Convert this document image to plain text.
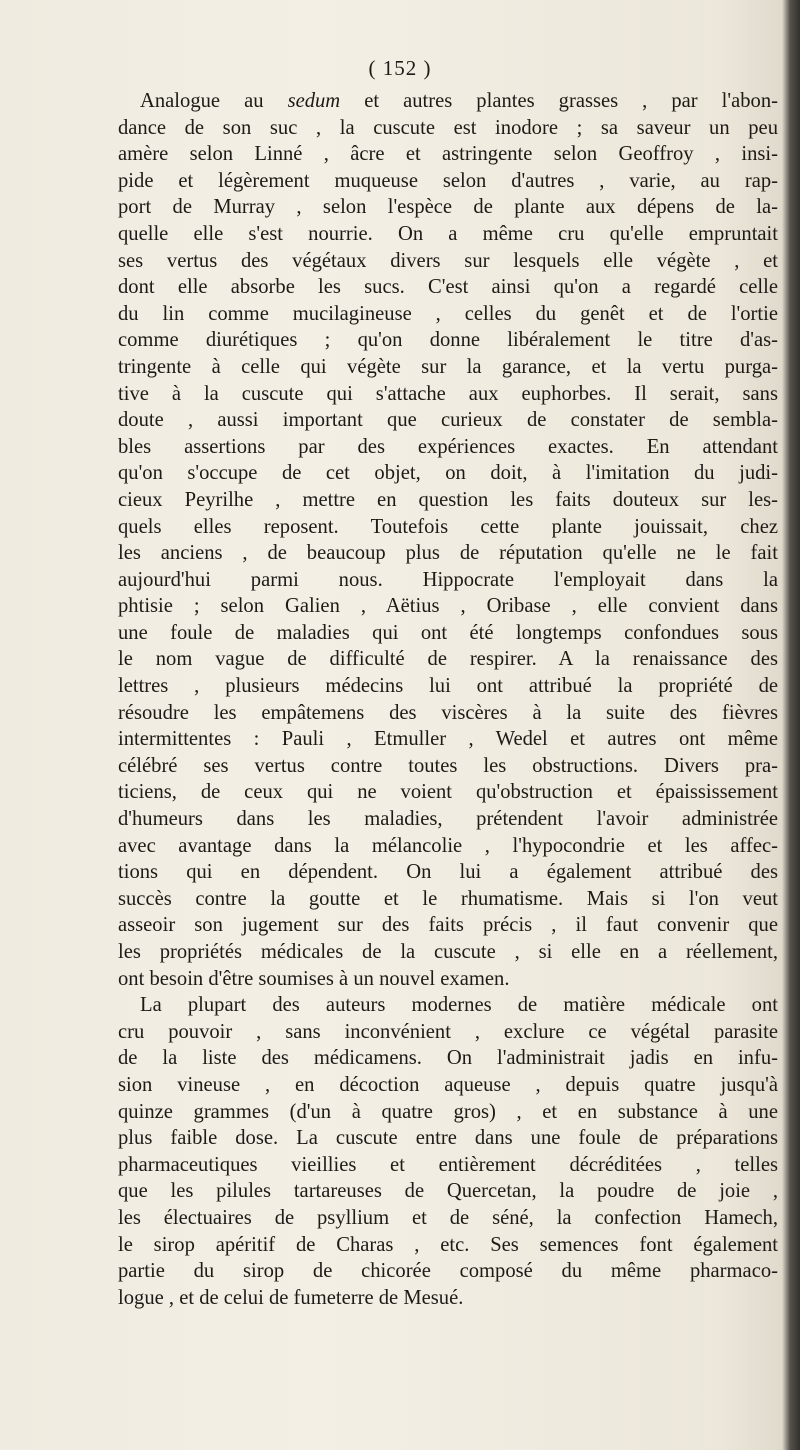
( 152 )
Analogue au sedum et autres plantes grasses , par l'abon-
dance de son suc , la cuscute est inodore ; sa saveur un peu
amère selon Linné , âcre et astringente selon Geoffroy , insi-
pide et légèrement muqueuse selon d'autres , varie, au rap-
port de Murray , selon l'espèce de plante aux dépens de la-
quelle elle s'est nourrie. On a même cru qu'elle empruntait
ses vertus des végétaux divers sur lesquels elle végète , et
dont elle absorbe les sucs. C'est ainsi qu'on a regardé celle
du lin comme mucilagineuse , celles du genêt et de l'ortie
comme diurétiques ; qu'on donne libéralement le titre d'as-
tringente à celle qui végète sur la garance, et la vertu purga-
tive à la cuscute qui s'attache aux euphorbes. Il serait, sans
doute , aussi important que curieux de constater de sembla-
bles assertions par des expériences exactes. En attendant
qu'on s'occupe de cet objet, on doit, à l'imitation du judi-
cieux Peyrilhe , mettre en question les faits douteux sur les-
quels elles reposent. Toutefois cette plante jouissait, chez
les anciens , de beaucoup plus de réputation qu'elle ne le fait
aujourd'hui parmi nous. Hippocrate l'employait dans la
phtisie ; selon Galien , Aëtius , Oribase , elle convient dans
une foule de maladies qui ont été longtemps confondues sous
le nom vague de difficulté de respirer. A la renaissance des
lettres , plusieurs médecins lui ont attribué la propriété de
résoudre les empâtemens des viscères à la suite des fièvres
intermittentes : Pauli , Etmuller , Wedel et autres ont même
célébré ses vertus contre toutes les obstructions. Divers pra-
ticiens, de ceux qui ne voient qu'obstruction et épaississement
d'humeurs dans les maladies, prétendent l'avoir administrée
avec avantage dans la mélancolie , l'hypocondrie et les affec-
tions qui en dépendent. On lui a également attribué des
succès contre la goutte et le rhumatisme. Mais si l'on veut
asseoir son jugement sur des faits précis , il faut convenir que
les propriétés médicales de la cuscute , si elle en a réellement,
ont besoin d'être soumises à un nouvel examen.
La plupart des auteurs modernes de matière médicale ont
cru pouvoir , sans inconvénient , exclure ce végétal parasite
de la liste des médicamens. On l'administrait jadis en infu-
sion vineuse , en décoction aqueuse , depuis quatre jusqu'à
quinze grammes (d'un à quatre gros) , et en substance à une
plus faible dose. La cuscute entre dans une foule de préparations
pharmaceutiques vieillies et entièrement décréditées , telles
que les pilules tartareuses de Quercetan, la poudre de joie ,
les électuaires de psyllium et de séné, la confection Hamech,
le sirop apéritif de Charas , etc. Ses semences font également
partie du sirop de chicorée composé du même pharmaco-
logue , et de celui de fumeterre de Mesué.
